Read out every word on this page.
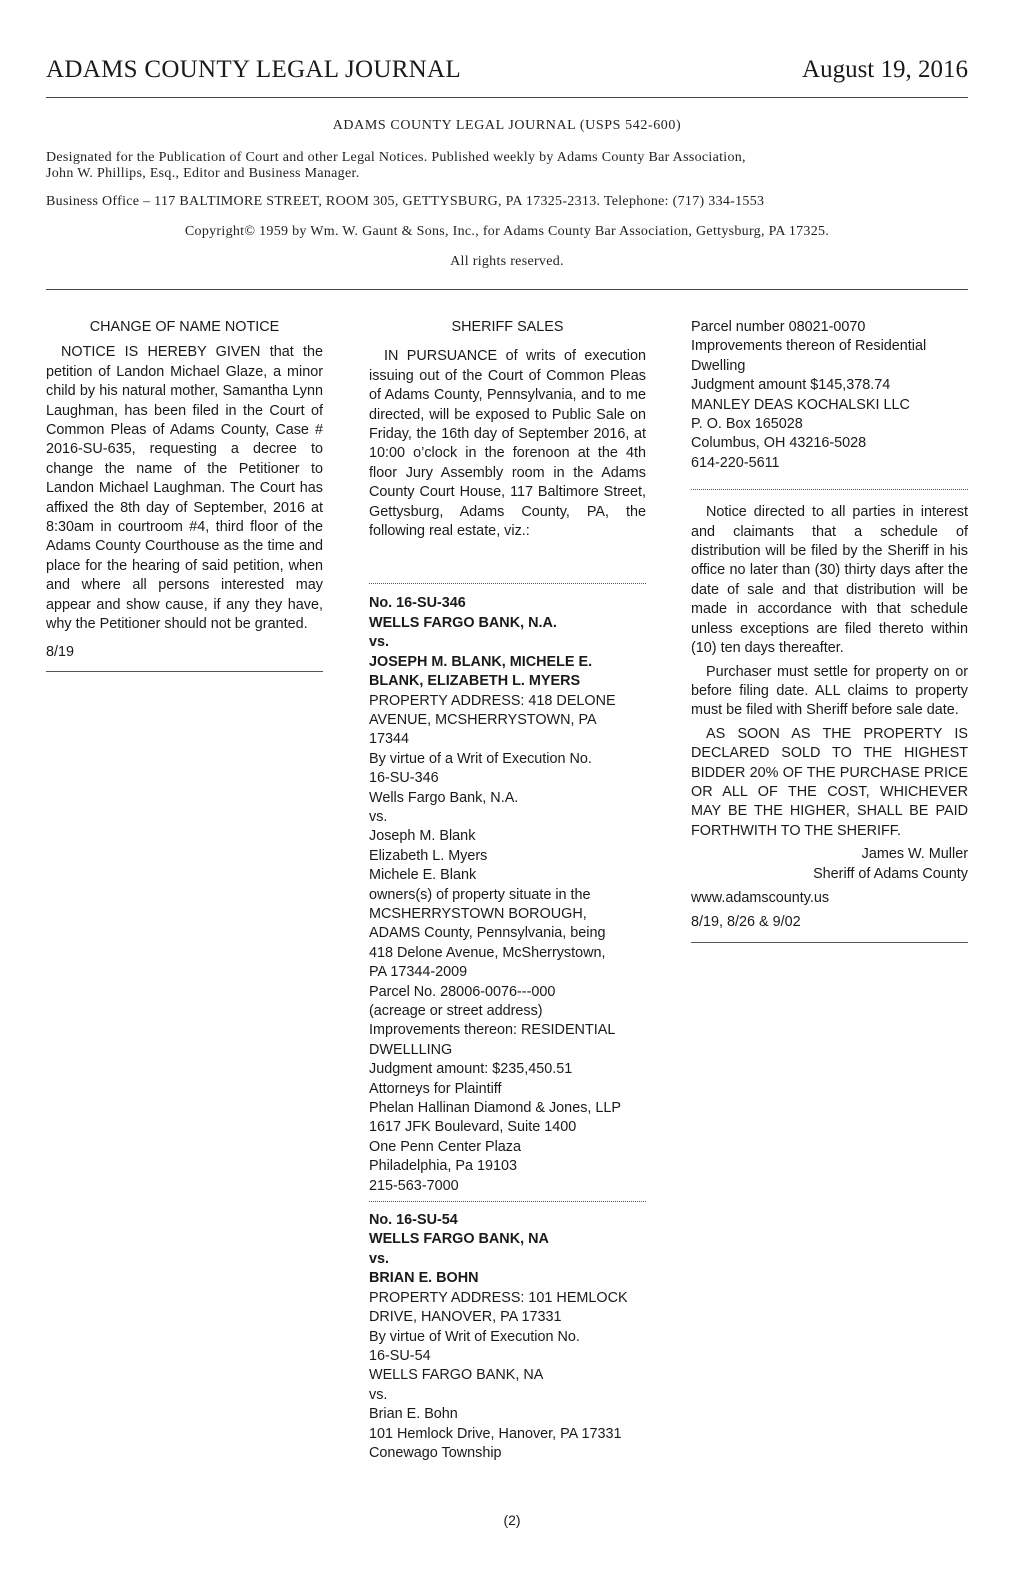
ADAMS COUNTY LEGAL JOURNAL	August 19, 2016
ADAMS COUNTY LEGAL JOURNAL (USPS 542-600)
Designated for the Publication of Court and other Legal Notices. Published weekly by Adams County Bar Association,
John W. Phillips, Esq., Editor and Business Manager.
Business Office – 117 BALTIMORE STREET, ROOM 305, GETTYSBURG, PA 17325-2313. Telephone: (717) 334-1553
Copyright© 1959 by Wm. W. Gaunt & Sons, Inc., for Adams County Bar Association, Gettysburg, PA 17325.
All rights reserved.
CHANGE OF NAME NOTICE

NOTICE IS HEREBY GIVEN that the petition of Landon Michael Glaze, a minor child by his natural mother, Samantha Lynn Laughman, has been filed in the Court of Common Pleas of Adams County, Case # 2016-SU-635, requesting a decree to change the name of the Petitioner to Landon Michael Laughman. The Court has affixed the 8th day of September, 2016 at 8:30am in courtroom #4, third floor of the Adams County Courthouse as the time and place for the hearing of said petition, when and where all persons interested may appear and show cause, if any they have, why the Petitioner should not be granted.

8/19

SHERIFF SALES

IN PURSUANCE of writs of execution issuing out of the Court of Common Pleas of Adams County, Pennsylvania, and to me directed, will be exposed to Public Sale on Friday, the 16th day of September 2016, at 10:00 o’clock in the forenoon at the 4th floor Jury Assembly room in the Adams County Court House, 117 Baltimore Street, Gettysburg, Adams County, PA, the following real estate, viz.:

No. 16-SU-346
WELLS FARGO BANK, N.A.
vs.
JOSEPH M. BLANK, MICHELE E.
BLANK, ELIZABETH L. MYERS
PROPERTY ADDRESS: 418 DELONE
AVENUE, MCSHERRYSTOWN, PA
17344
By virtue of a Writ of Execution No.
16-SU-346
Wells Fargo Bank, N.A.
vs.
Joseph M. Blank
Elizabeth L. Myers
Michele E. Blank
owners(s) of property situate in the
MCSHERRYSTOWN BOROUGH,
ADAMS County, Pennsylvania, being
418 Delone Avenue, McSherrystown,
PA 17344-2009
Parcel No. 28006-0076---000
(acreage or street address)
Improvements thereon: RESIDENTIAL
DWELLLING
Judgment amount: $235,450.51
Attorneys for Plaintiff
Phelan Hallinan Diamond & Jones, LLP
1617 JFK Boulevard, Suite 1400
One Penn Center Plaza
Philadelphia, Pa 19103
215-563-7000
No. 16-SU-54
WELLS FARGO BANK, NA
vs.
BRIAN E. BOHN
PROPERTY ADDRESS: 101 HEMLOCK
DRIVE, HANOVER, PA 17331
By virtue of Writ of Execution No.
16-SU-54
WELLS FARGO BANK, NA
vs.
Brian E. Bohn
101 Hemlock Drive, Hanover, PA 17331
Conewago Township
Parcel number 08021-0070
Improvements thereon of Residential
Dwelling
Judgment amount $145,378.74
MANLEY DEAS KOCHALSKI LLC
P. O. Box 165028
Columbus, OH 43216-5028
614-220-5611

Notice directed to all parties in interest and claimants that a schedule of distribution will be filed by the Sheriff in his office no later than (30) thirty days after the date of sale and that distribution will be made in accordance with that schedule unless exceptions are filed thereto within (10) ten days thereafter.

Purchaser must settle for property on or before filing date. ALL claims to property must be filed with Sheriff before sale date.

AS SOON AS THE PROPERTY IS DECLARED SOLD TO THE HIGHEST BIDDER 20% OF THE PURCHASE PRICE OR ALL OF THE COST, WHICHEVER MAY BE THE HIGHER, SHALL BE PAID FORTHWITH TO THE SHERIFF.

James W. Muller
Sheriff of Adams County
www.adamscounty.us
8/19, 8/26 & 9/02
(2)
